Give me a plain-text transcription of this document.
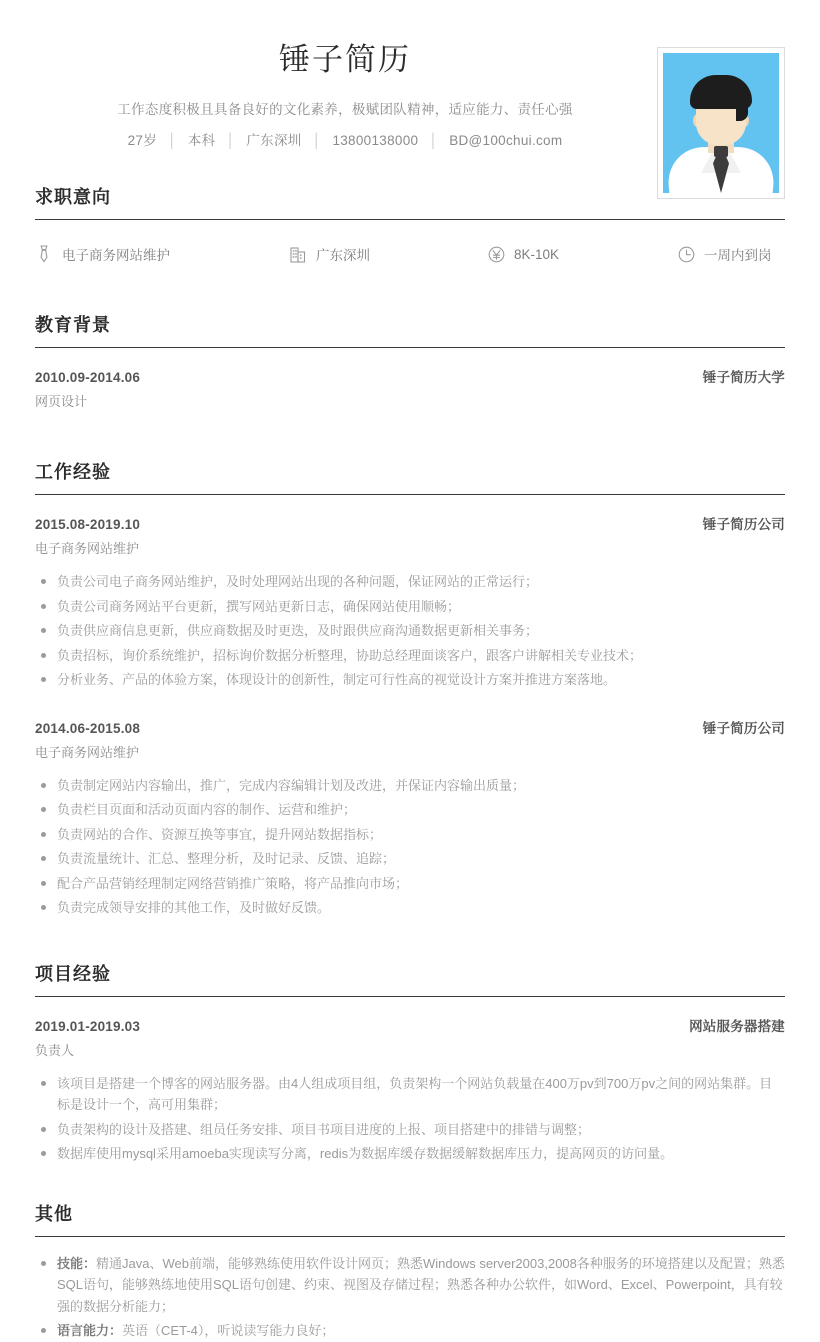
锤子简历
工作态度积极且具备良好的文化素养，极赋团队精神，适应能力、责任心强
27岁 │ 本科 │ 广东深圳 │ 13800138000 │ BD@100chui.com
求职意向
电子商务网站维护	广东深圳	8K-10K	一周内到岗
教育背景
2010.09-2014.06	锤子简历大学
网页设计
工作经验
2015.08-2019.10	锤子简历公司
电子商务网站维护
负责公司电子商务网站维护，及时处理网站出现的各种问题，保证网站的正常运行；
负责公司商务网站平台更新，撰写网站更新日志，确保网站使用顺畅；
负责供应商信息更新，供应商数据及时更迭，及时跟供应商沟通数据更新相关事务；
负责招标，询价系统维护，招标询价数据分析整理，协助总经理面谈客户，跟客户讲解相关专业技术；
分析业务、产品的体验方案，体现设计的创新性，制定可行性高的视觉设计方案并推进方案落地。
2014.06-2015.08	锤子简历公司
电子商务网站维护
负责制定网站内容输出，推广，完成内容编辑计划及改进，并保证内容输出质量；
负责栏目页面和活动页面内容的制作、运营和维护；
负责网站的合作、资源互换等事宜，提升网站数据指标；
负责流量统计、汇总、整理分析，及时记录、反馈、追踪；
配合产品营销经理制定网络营销推广策略，将产品推向市场；
负责完成领导安排的其他工作，及时做好反馈。
项目经验
2019.01-2019.03	网站服务器搭建
负责人
该项目是搭建一个博客的网站服务器。由4人组成项目组，负责架构一个网站负载量在400万pv到700万pv之间的网站集群。目标是设计一个，高可用集群；
负责架构的设计及搭建、组员任务安排、项目书项目进度的上报、项目搭建中的排错与调整；
数据库使用mysql采用amoeba实现读写分离，redis为数据库缓存数据缓解数据库压力，提高网页的访问量。
其他
技能：精通Java、Web前端，能够熟练使用软件设计网页；熟悉Windows server2003,2008各种服务的环境搭建以及配置；熟悉SQL语句，能够熟练地使用SQL语句创建、约束、视图及存储过程；熟悉各种办公软件，如Word、Excel、Powerpoint，具有较强的数据分析能力；
语言能力：英语（CET-4），听说读写能力良好；
